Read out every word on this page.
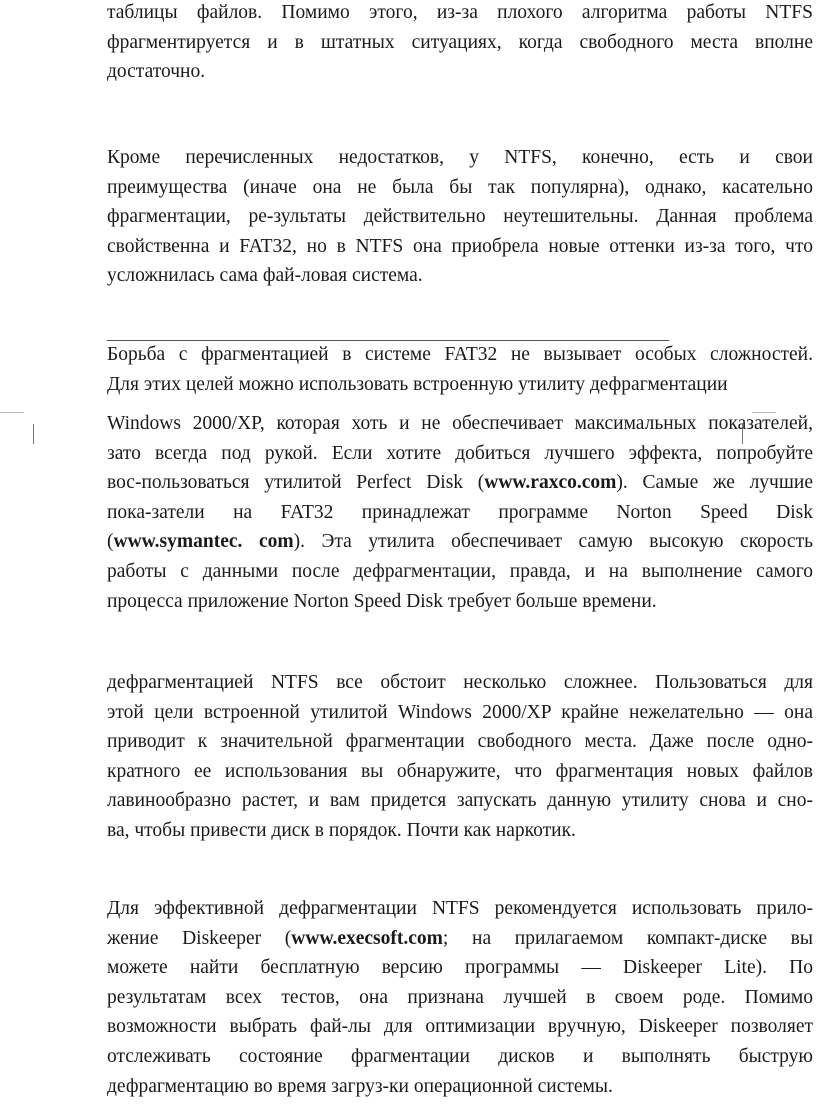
таблицы файлов. Помимо этого, из-за плохого алгоритма работы NTFS
фрагментируется и в штатных ситуациях, когда свободного места вполне
достаточно.
Кроме перечисленных недостатков, у NTFS, конечно, есть и свои
преимущества (иначе она не была бы так популярна), однако, касательно
фрагментации, ре-зультаты действительно неутешительны. Данная проблема
свойственна и FAT32, но в NTFS она приобрела новые оттенки из-за того, что
усложнилась сама фай-ловая система.
Борьба с фрагментацией в системе FAT32 не вызывает особых сложностей.
Для этих целей можно использовать встроенную утилиту дефрагментации
Windows 2000/XP, которая хоть и не обеспечивает максимальных показателей,
зато всегда под рукой. Если хотите добиться лучшего эффекта, попробуйте
вос-пользоваться утилитой Perfect Disk (www.raxco.com). Самые же лучшие
пока-затели на FAT32 принадлежат программе Norton Speed Disk
(www.symantec. com). Эта утилита обеспечивает самую высокую скорость
работы с данными после дефрагментации, правда, и на выполнение самого
процесса приложение Norton Speed Disk требует больше времени.
дефрагментацией NTFS все обстоит несколько сложнее. Пользоваться для
этой цели встроенной утилитой Windows 2000/XP крайне нежелательно — она
приводит к значительной фрагментации свободного места. Даже после одно-
кратного ее использования вы обнаружите, что фрагментация новых файлов
лавинообразно растет, и вам придется запускать данную утилиту снова и сно-
ва, чтобы привести диск в порядок. Почти как наркотик.
Для эффективной дефрагментации NTFS рекомендуется использовать прило-
жение Diskeeper (www.execsoft.com; на прилагаемом компакт-диске вы
можете найти бесплатную версию программы — Diskeeper Lite). По
результатам всех тестов, она признана лучшей в своем роде. Помимо
возможности выбрать фай-лы для оптимизации вручную, Diskeeper позволяет
отслеживать состояние фрагментации дисков и выполнять быструю
дефрагментацию во время загруз-ки операционной системы.
